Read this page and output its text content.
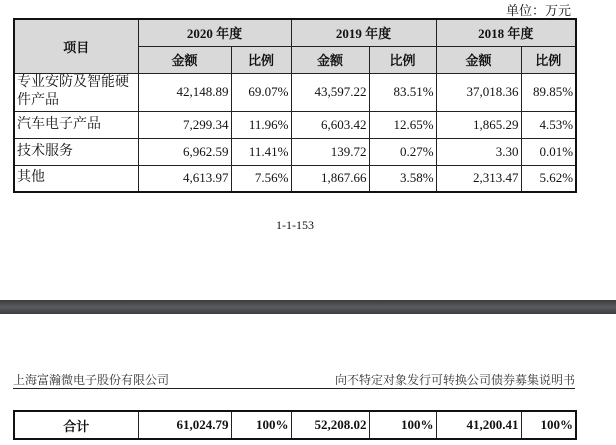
单位：万元
项目	2020 年度		2019 年度		2018 年度	
	金额	比例	金额	比例	金额	比例
专业安防及智能硬件产品	42,148.89	69.07%	43,597.22	83.51%	37,018.36	89.85%
汽车电子产品	7,299.34	11.96%	6,603.42	12.65%	1,865.29	4.53%
技术服务	6,962.59	11.41%	139.72	0.27%	3.30	0.01%
其他	4,613.97	7.56%	1,867.66	3.58%	2,313.47	5.62%
1-1-153
上海富瀚微电子股份有限公司	向不特定对象发行可转换公司债券募集说明书
合计	61,024.79	100%	52,208.02	100%	41,200.41	100%
